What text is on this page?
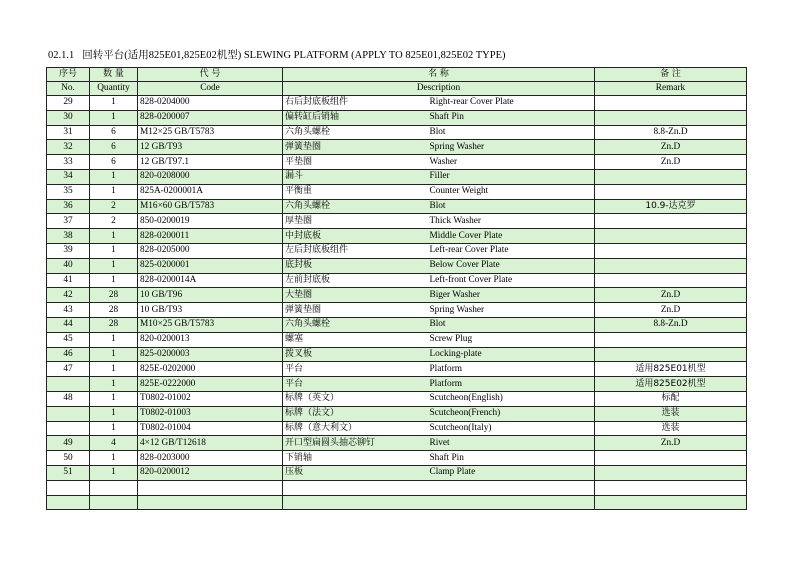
02.1.1 回转平台(适用825E01,825E02机型) SLEWING PLATFORM (APPLY TO 825E01,825E02 TYPE)
序号	数 量	代 号	名 称		备 注
No.	Quantity	Code	Description		Remark
29	1	828-0204000	右后封底板组件	Right-rear Cover Plate	
30	1	828-0200007	偏转缸后销轴	Shaft Pin	
31	6	M12×25 GB/T5783	六角头螺栓	Blot	8.8-Zn.D
32	6	12 GB/T93	弹簧垫圈	Spring Washer	Zn.D
33	6	12 GB/T97.1	平垫圈	Washer	Zn.D
34	1	820-0208000	漏斗	Filler	
35	1	825A-0200001A	平衡重	Counter Weight	
36	2	M16×60 GB/T5783	六角头螺栓	Blot	10.9-达克罗
37	2	850-0200019	厚垫圈	Thick Washer	
38	1	828-0200011	中封底板	Middle Cover Plate	
39	1	828-0205000	左后封底板组件	Left-rear Cover Plate	
40	1	825-0200001	底封板	Below Cover Plate	
41	1	828-0200014A	左前封底板	Left-front Cover Plate	
42	28	10 GB/T96	大垫圈	Biger Washer	Zn.D
43	28	10 GB/T93	弹簧垫圈	Spring Washer	Zn.D
44	28	M10×25 GB/T5783	六角头螺栓	Blot	8.8-Zn.D
45	1	820-0200013	螺塞	Screw Plug	
46	1	825-0200003	拨叉板	Locking-plate	
47	1	825E-0202000	平台	Platform	适用825E01机型
	1	825E-0222000	平台	Platform	适用825E02机型
48	1	T0802-01002	标牌（英文）	Scutcheon(English)	标配
	1	T0802-01003	标牌（法文）	Scutcheon(French)	选装
	1	T0802-01004	标牌（意大利文）	Scutcheon(Italy)	选装
49	4	4×12 GB/T12618	开口型扁圆头抽芯铆钉	Rivet	Zn.D
50	1	828-0203000	下销轴	Shaft Pin	
51	1	820-0200012	压板	Clamp Plate	
